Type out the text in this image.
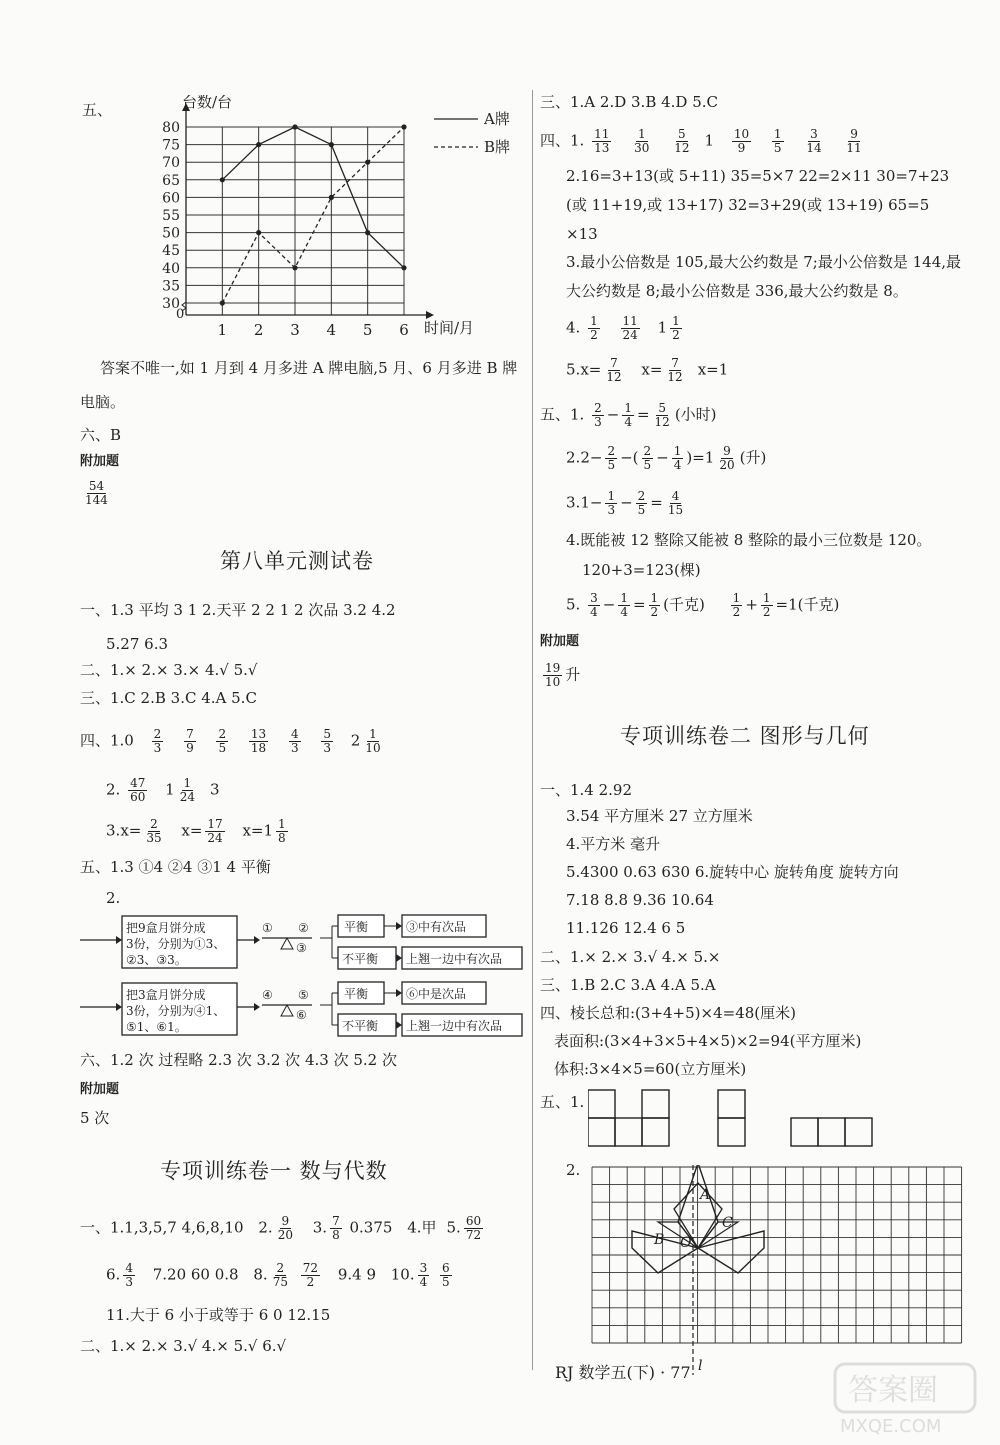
五、
30
35
40
45
50
55
60
65
70
75
80
0
台数/台
时间/月
1 2 3 4 5 6
A牌
B牌
答案不唯一,如 1 月到 4 月多进 A 牌电脑,5 月、6 月多进 B 牌
电脑。
六、B
附加题
$\frac{54}{144}$
第八单元测试卷
一、1.3 平均 3 1 2.天平 2 2 1 2 次品 3.2 4.2
5.27 6.3
二、1.× 2.× 3.× 4.√ 5.√
三、1.C 2.B 3.C 4.A 5.C
四、$1.0 \frac{2}{3}$
$\frac{7}{9}$
$\frac{2}{5}$
$\frac{13}{18}$
$\frac{4}{3}$
$\frac{5}{3} 2 \frac{1}{10}$
2. $\frac{47}{60} 1 \frac{1}{24} 3$
$3.x= \frac{2}{35} x= \frac{17}{24} x=1 \frac{1}{8}$
五、1.3 ①4 ②4 ③1 4 平衡
2.
把9盒月饼分成
3份，分别为①3、
②3、③3。
① ②
③
平衡
不平衡
③中有次品
上翘一边中有次品
把3盒月饼分成
3份，分别为④1、
⑤1、⑥1。
④ ⑤
⑥
平衡
不平衡
⑥中是次品
上翘一边中有次品
六、1.2 次 过程略 2.3 次 3.2 次 4.3 次 5.2 次
附加题
5 次
专项训练卷一 数与代数
一、1.1,3,5,7 4,6,8,10 2. $\frac{9}{20} 3$. $\frac{7}{8} 0.375$ 4.甲 5. $\frac{60}{72}$
6. $\frac{4}{3} 7.20$ 60 0.8 8. $\frac{2}{75}$
$\frac{72}{2} 9.4$ 9 10. $\frac{3}{4}$
$\frac{6}{5}$
11.大于 6 小于或等于 6 0 12.15
二、1.× 2.× 3.√ 4.× 5.√ 6.√
三、1.A 2.D 3.B 4.D 5.C
四、1. $\frac{11}{13}$
$\frac{1}{30}$
$\frac{5}{12} 1 \frac{10}{9}$
$\frac{1}{5}$
$\frac{3}{14}$
$\frac{9}{11}$
2.16=3+13(或 5+11) 35=5×7 22=2×11 30=7+23
(或 11+19,或 13+17) 32=3+29(或 13+19) 65=5
×13
3.最小公倍数是 105,最大公约数是 7;最小公倍数是 144,最
大公约数是 8;最小公倍数是 336,最大公约数是 8。
4. $\frac{1}{2}$
$\frac{11}{24} 1 \frac{1}{2}$
$5.x= \frac{7}{12} x= \frac{7}{12} x=1$
五、1. $\frac{2}{3} - \frac{1}{4} = \frac{5}{12}$ (小时)
$2.2- \frac{2}{5}$ −( $\frac{2}{5} - \frac{1}{4} )=1 \frac{9}{20}$ (升)
$3.1- \frac{1}{3} - \frac{2}{5} = \frac{4}{15}$
4.既能被 12 整除又能被 8 整除的最小三位数是 120。
120+3=123(棵)
5. $\frac{3}{4} - \frac{1}{4} = \frac{1}{2}$ (千克) $\frac{1}{2} + \frac{1}{2} =1$(千克)
附加题
$\frac{19}{10}$ 升
专项训练卷二 图形与几何
一、1.4 2.92
3.54 平方厘米 27 立方厘米
4.平方米 毫升
5.4300 0.63 630 6.旋转中心 旋转角度 旋转方向
7.18 8.8 9.36 10.64
11.126 12.4 6 5
二、1.× 2.× 3.√ 4.× 5.×
三、1.B 2.C 3.A 4.A 5.A
四、棱长总和:(3+4+5)×4=48(厘米)
表面积:(3×4+3×5+4×5)×2=94(平方厘米)
体积:3×4×5=60(立方厘米)
五、1.
2.
A
B
C
O
l
RJ 数学五(下) · 77
答案圈
MXQE.COM
